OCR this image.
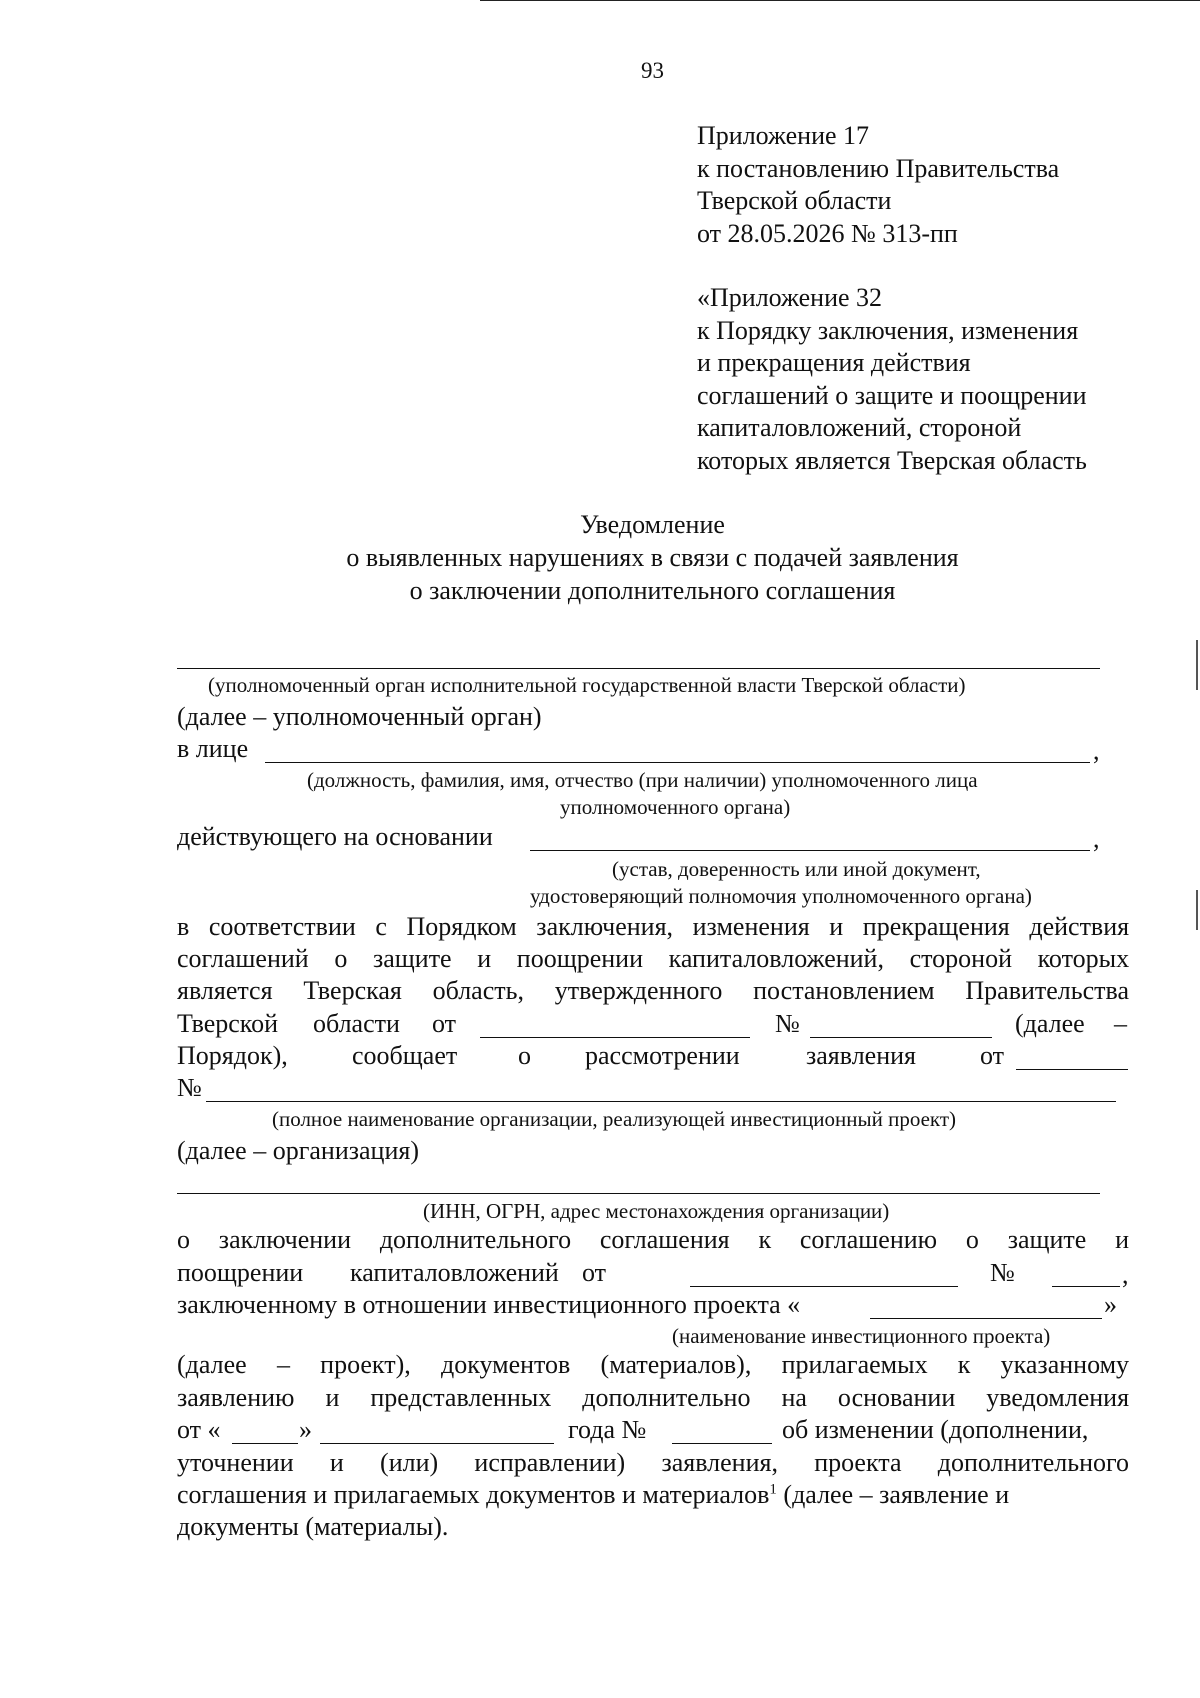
93
Приложение 17
к постановлению Правительства
Тверской области
от 28.05.2026 № 313-пп
«Приложение 32
к Порядку заключения, изменения
и прекращения действия
соглашений о защите и поощрении
капиталовложений, стороной
которых является Тверская область
Уведомление
о выявленных нарушениях в связи с подачей заявления
о заключении дополнительного соглашения
(уполномоченный орган исполнительной государственной власти Тверской области)
(далее – уполномоченный орган)
в лице	,
(должность, фамилия, имя, отчество (при наличии) уполномоченного лица
уполномоченного органа)
действующего на основании	,
(устав, доверенность или иной документ,
удостоверяющий полномочия уполномоченного органа)
в соответствии с Порядком заключения, изменения и прекращения действия
соглашений о защите и поощрении капиталовложений, стороной которых
является Тверская область, утвержденного постановлением Правительства
Тверской области от	№	(далее –
Порядок), сообщает о рассмотрении	заявления от
№
(полное наименование организации, реализующей инвестиционный проект)
(далее – организация)
(ИНН, ОГРН, адрес местонахождения организации)
о заключении дополнительного соглашения к соглашению о защите и
поощрении капиталовложений от	№	,
заключенному в отношении инвестиционного проекта «	»
(наименование инвестиционного проекта)
(далее – проект), документов (материалов), прилагаемых к указанному
заявлению и представленных дополнительно на основании уведомления
от «	»	года №	об изменении (дополнении,
уточнении и (или) исправлении) заявления, проекта дополнительного
соглашения и прилагаемых документов и материалов$^1$ (далее – заявление и
документы (материалы).
